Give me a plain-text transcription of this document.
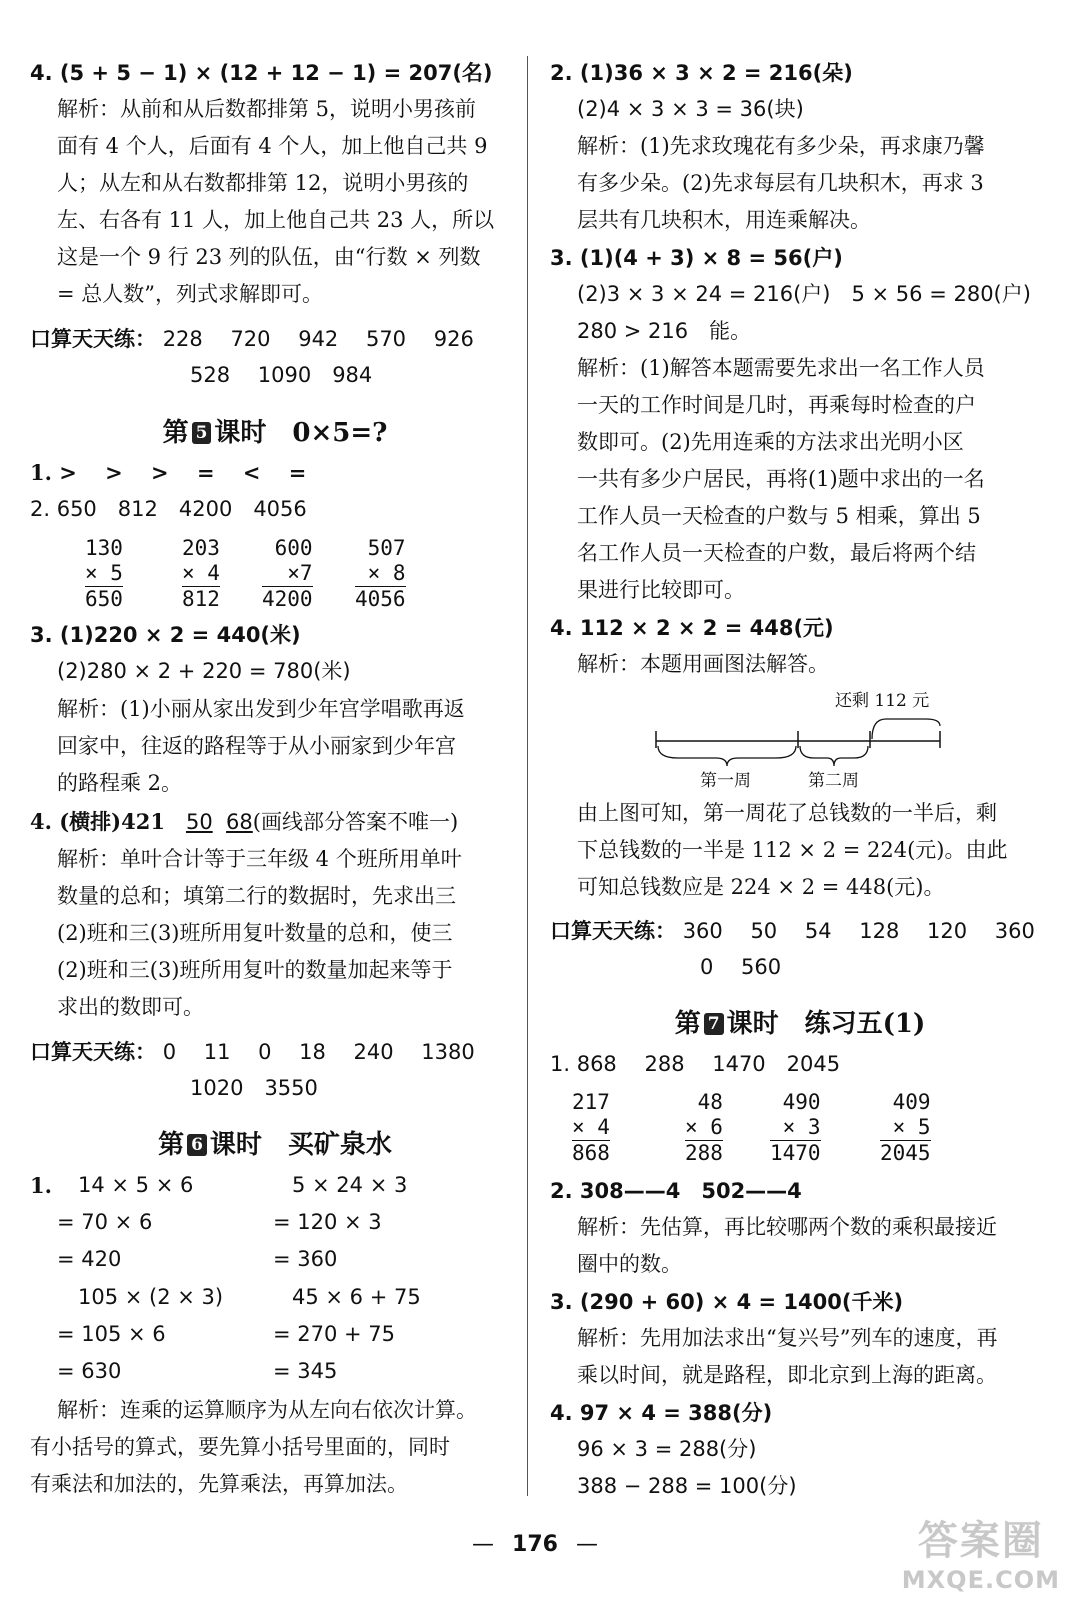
4. (5 + 5 − 1) × (12 + 12 − 1) = 207(名)
解析：从前和从后数都排第 5，说明小男孩前
面有 4 个人，后面有 4 个人，加上他自己共 9
人；从左和从右数都排第 12，说明小男孩的
左、右各有 11 人，加上他自己共 23 人，所以
这是一个 9 行 23 列的队伍，由“行数 × 列数
= 总人数”，列式求解即可。
口算天天练： 228　 720　 942　 570　 926
528　 1090　984
第 5 课时　0×5=?
1. >　 >　 >　 =　 <　 =
2. 650　812　4200　4056
130
× 5
650
203
× 4
812
600
×7
4200
507
× 8
4056
3. (1)220 × 2 = 440(米)
(2)280 × 2 + 220 = 780(米)
解析：(1)小丽从家出发到少年宫学唱歌再返
回家中，往返的路程等于从小丽家到少年宫
的路程乘 2。
4. (横排)421　50 68(画线部分答案不唯一)
解析：单叶合计等于三年级 4 个班所用单叶
数量的总和；填第二行的数据时，先求出三
(2)班和三(3)班所用复叶数量的总和，使三
(2)班和三(3)班所用复叶的数量加起来等于
求出的数即可。
口算天天练： 0　 11　 0　 18　 240　 1380
1020　3550
第 6 课时　买矿泉水
1. 14 × 5 × 6
= 70 × 6
= 420
5 × 24 × 3
= 120 × 3
= 360
105 × (2 × 3)
= 105 × 6
= 630
45 × 6 + 75
= 270 + 75
= 345
解析：连乘的运算顺序为从左向右依次计算。
有小括号的算式，要先算小括号里面的，同时
有乘法和加法的，先算乘法，再算加法。
2. (1)36 × 3 × 2 = 216(朵)
(2)4 × 3 × 3 = 36(块)
解析：(1)先求玫瑰花有多少朵，再求康乃馨
有多少朵。(2)先求每层有几块积木，再求 3
层共有几块积木，用连乘解决。
3. (1)(4 + 3) × 8 = 56(户)
(2)3 × 3 × 24 = 216(户)　5 × 56 = 280(户)
280 > 216　能。
解析：(1)解答本题需要先求出一名工作人员
一天的工作时间是几时，再乘每时检查的户
数即可。(2)先用连乘的方法求出光明小区
一共有多少户居民，再将(1)题中求出的一名
工作人员一天检查的户数与 5 相乘，算出 5
名工作人员一天检查的户数，最后将两个结
果进行比较即可。
4. 112 × 2 × 2 = 448(元)
解析：本题用画图法解答。
还剩 112 元
第一周	第二周
由上图可知，第一周花了总钱数的一半后，剩
下总钱数的一半是 112 × 2 = 224(元)。由此
可知总钱数应是 224 × 2 = 448(元)。
口算天天练： 360　 50　 54　 128　 120　 360
0　 560
第 7 课时　练习五(1)
1. 868　 288　 1470　2045
217
× 4
868
48
× 6
288
490
× 3
1470
409
× 5
2045
2. 308——4　502——4
解析：先估算，再比较哪两个数的乘积最接近
圈中的数。
3. (290 + 60) × 4 = 1400(千米)
解析：先用加法求出“复兴号”列车的速度，再
乘以时间，就是路程，即北京到上海的距离。
4. 97 × 4 = 388(分)
96 × 3 = 288(分)
388 − 288 = 100(分)
— 176 —	答案圈
MXQE.COM
